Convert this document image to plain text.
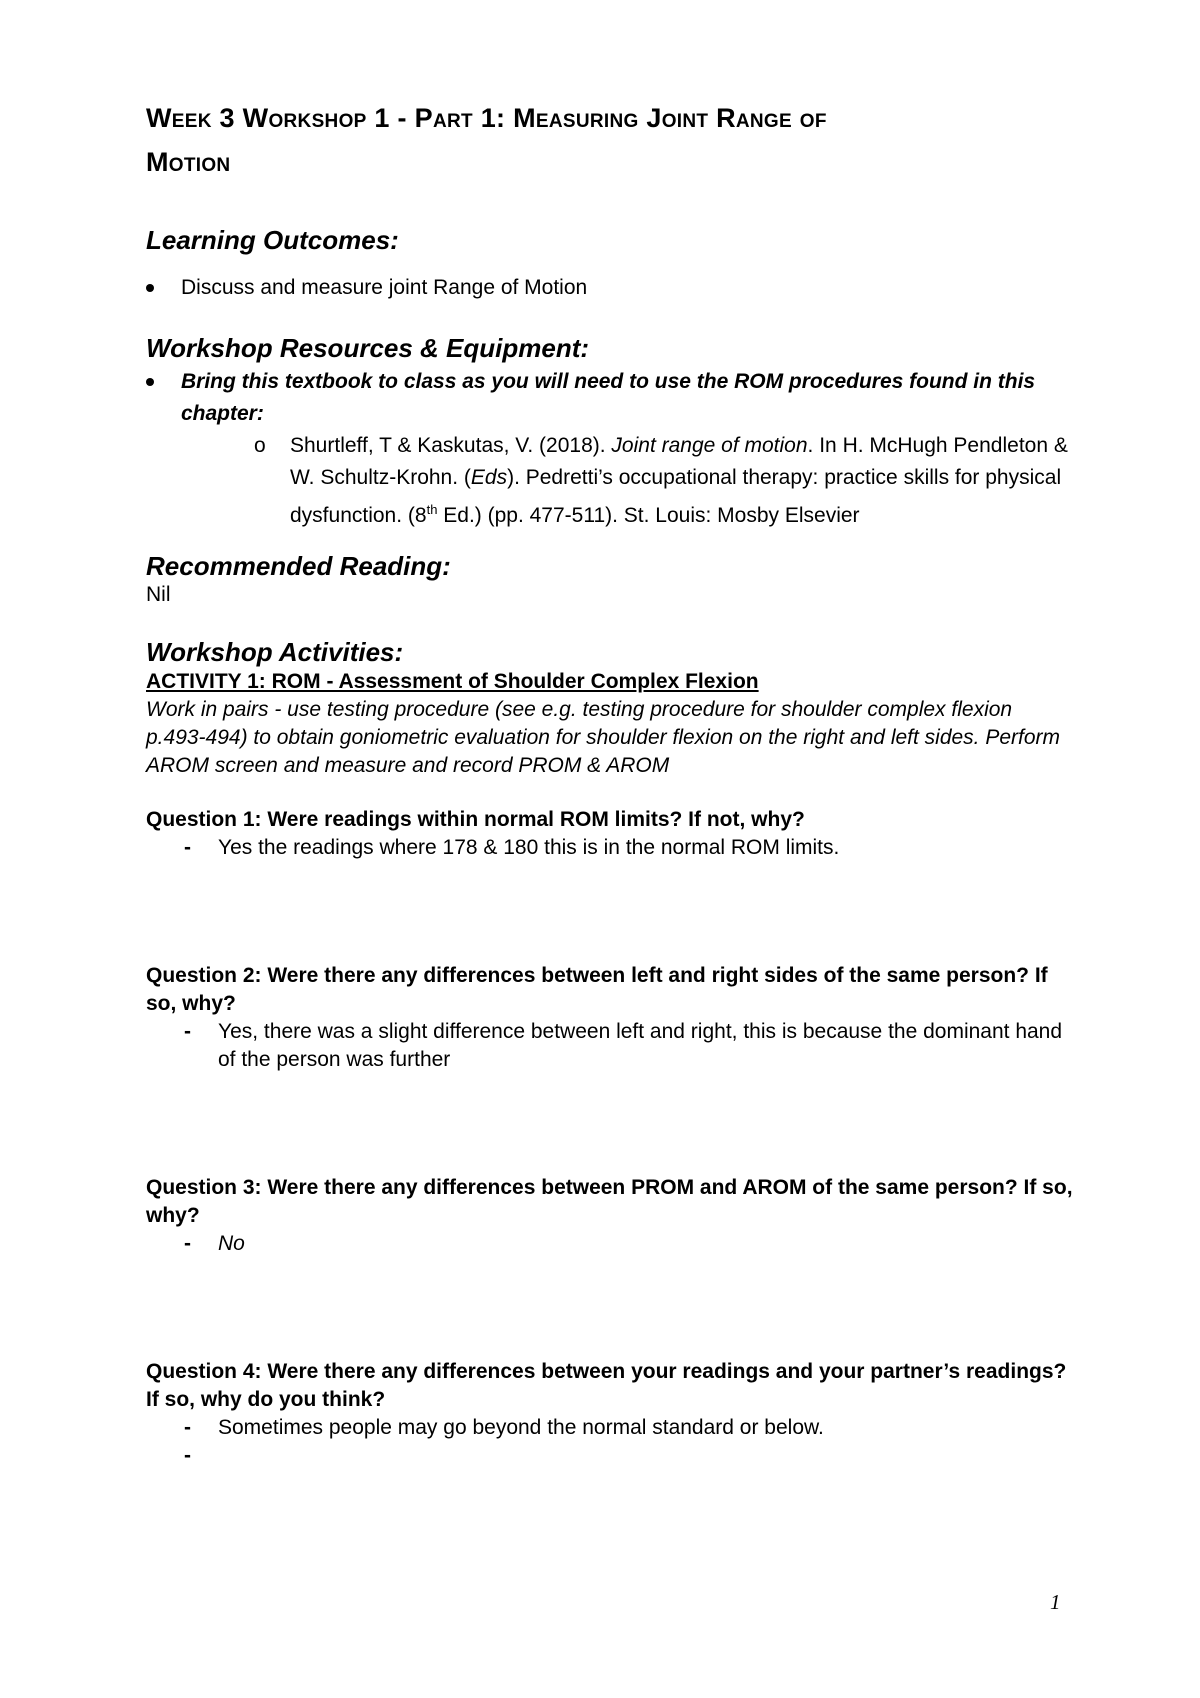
Week 3 Workshop 1 - Part 1: Measuring Joint Range of

Motion

Learning Outcomes:

Discuss and measure joint Range of Motion

Workshop Resources & Equipment:

Bring this textbook to class as you will need to use the ROM procedures found in this chapter:
o Shurtleff, T & Kaskutas, V. (2018). Joint range of motion. In H. McHugh Pendleton & W. Schultz-Krohn. (Eds). Pedretti’s occupational therapy: practice skills for physical dysfunction. (8th Ed.) (pp. 477-511). St. Louis: Mosby Elsevier

Recommended Reading:

Nil

Workshop Activities:

ACTIVITY 1: ROM - Assessment of Shoulder Complex Flexion

Work in pairs - use testing procedure (see e.g. testing procedure for shoulder complex flexion p.493-494) to obtain goniometric evaluation for shoulder flexion on the right and left sides. Perform AROM screen and measure and record PROM & AROM

Question 1: Were readings within normal ROM limits? If not, why?

- Yes the readings where 178 & 180 this is in the normal ROM limits.

Question 2: Were there any differences between left and right sides of the same person? If so, why?

- Yes, there was a slight difference between left and right, this is because the dominant hand of the person was further

Question 3: Were there any differences between PROM and AROM of the same person? If so, why?

- No

Question 4: Were there any differences between your readings and your partner’s readings? If so, why do you think?

- Sometimes people may go beyond the normal standard or below.

-

1
